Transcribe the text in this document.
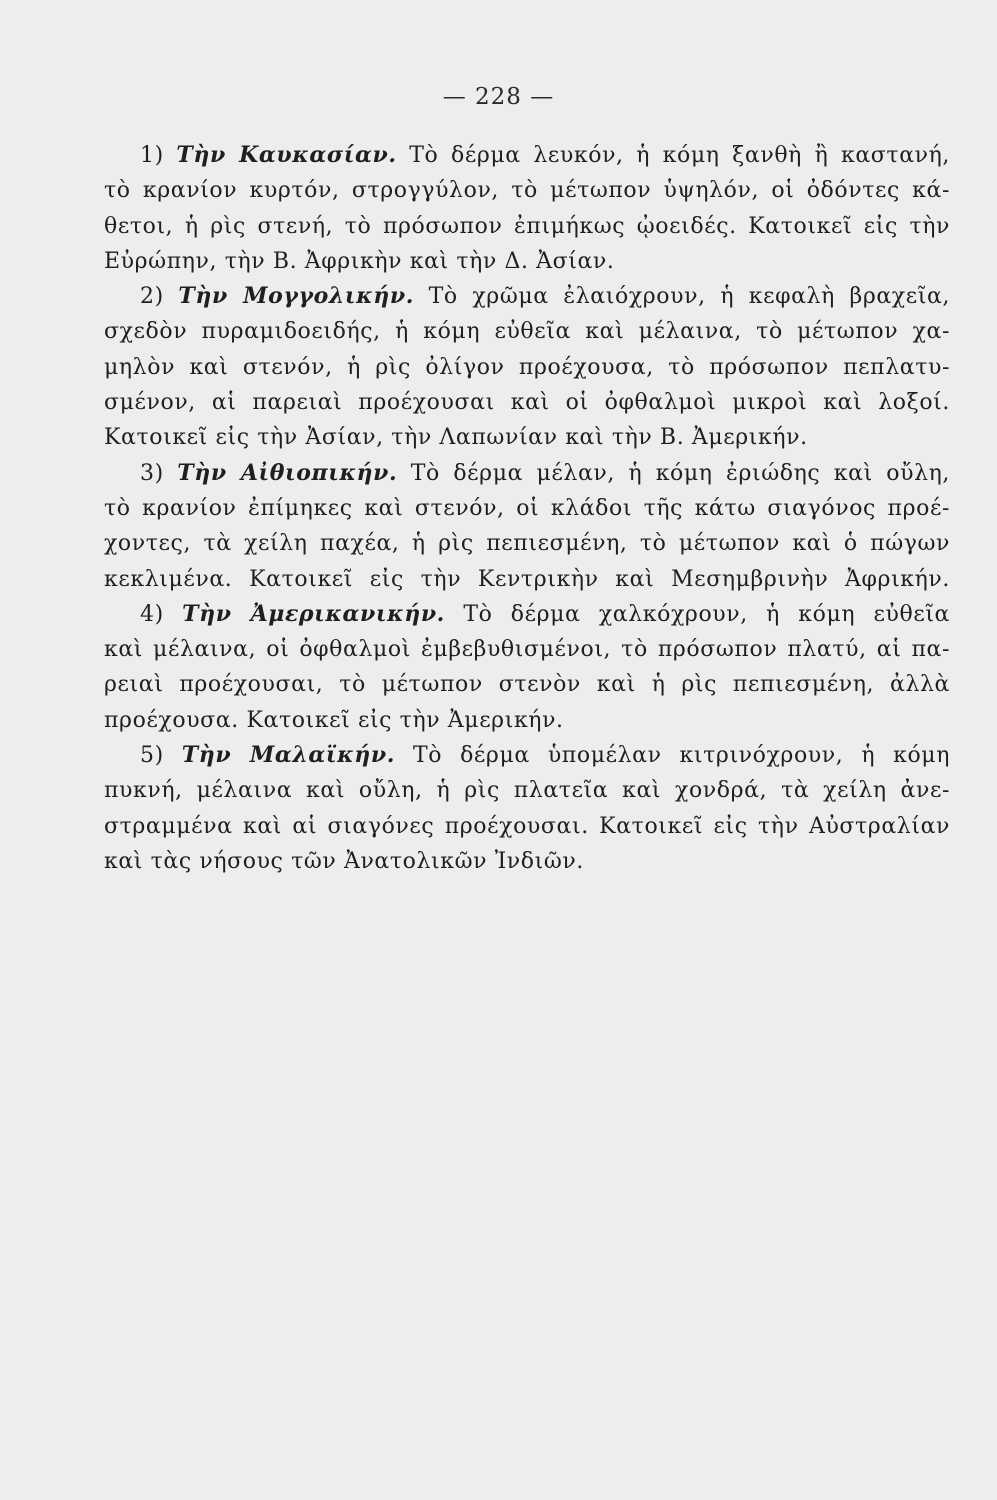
— 228 —
1) Τὴν Καυκασίαν. Τὸ δέρμα λευκόν, ἡ κόμη ξανθὴ ἢ καστανή,
τὸ κρανίον κυρτόν, στρογγύλον, τὸ μέτωπον ὑψηλόν, οἱ ὀδόντες κά-
θετοι, ἡ ρὶς στενή, τὸ πρόσωπον ἐπιμήκως ᾠοειδές. Κατοικεῖ εἰς τὴν
Εὐρώπην, τὴν Β. Ἀφρικὴν καὶ τὴν Δ. Ἀσίαν.
2) Τὴν Μογγολικήν. Τὸ χρῶμα ἐλαιόχρουν, ἡ κεφαλὴ βραχεῖα,
σχεδὸν πυραμιδοειδής, ἡ κόμη εὐθεῖα καὶ μέλαινα, τὸ μέτωπον χα-
μηλὸν καὶ στενόν, ἡ ρὶς ὀλίγον προέχουσα, τὸ πρόσωπον πεπλατυ-
σμένον, αἱ παρειαὶ προέχουσαι καὶ οἱ ὀφθαλμοὶ μικροὶ καὶ λοξοί.
Κατοικεῖ εἰς τὴν Ἀσίαν, τὴν Λαπωνίαν καὶ τὴν Β. Ἀμερικήν.
3) Τὴν Αἰθιοπικήν. Τὸ δέρμα μέλαν, ἡ κόμη ἐριώδης καὶ οὔλη,
τὸ κρανίον ἐπίμηκες καὶ στενόν, οἱ κλάδοι τῆς κάτω σιαγόνος προέ-
χοντες, τὰ χείλη παχέα, ἡ ρὶς πεπιεσμένη, τὸ μέτωπον καὶ ὁ πώγων
κεκλιμένα. Κατοικεῖ εἰς τὴν Κεντρικὴν καὶ Μεσημβρινὴν Ἀφρικήν.
4) Τὴν Ἀμερικανικήν. Τὸ δέρμα χαλκόχρουν, ἡ κόμη εὐθεῖα
καὶ μέλαινα, οἱ ὀφθαλμοὶ ἐμβεβυθισμένοι, τὸ πρόσωπον πλατύ, αἱ πα-
ρειαὶ προέχουσαι, τὸ μέτωπον στενὸν καὶ ἡ ρὶς πεπιεσμένη, ἀλλὰ
προέχουσα. Κατοικεῖ εἰς τὴν Ἀμερικήν.
5) Τὴν Μαλαϊκήν. Τὸ δέρμα ὑπομέλαν κιτρινόχρουν, ἡ κόμη
πυκνή, μέλαινα καὶ οὔλη, ἡ ρὶς πλατεῖα καὶ χονδρά, τὰ χείλη ἀνε-
στραμμένα καὶ αἱ σιαγόνες προέχουσαι. Κατοικεῖ εἰς τὴν Αὐστραλίαν
καὶ τὰς νήσους τῶν Ἀνατολικῶν Ἰνδιῶν.
